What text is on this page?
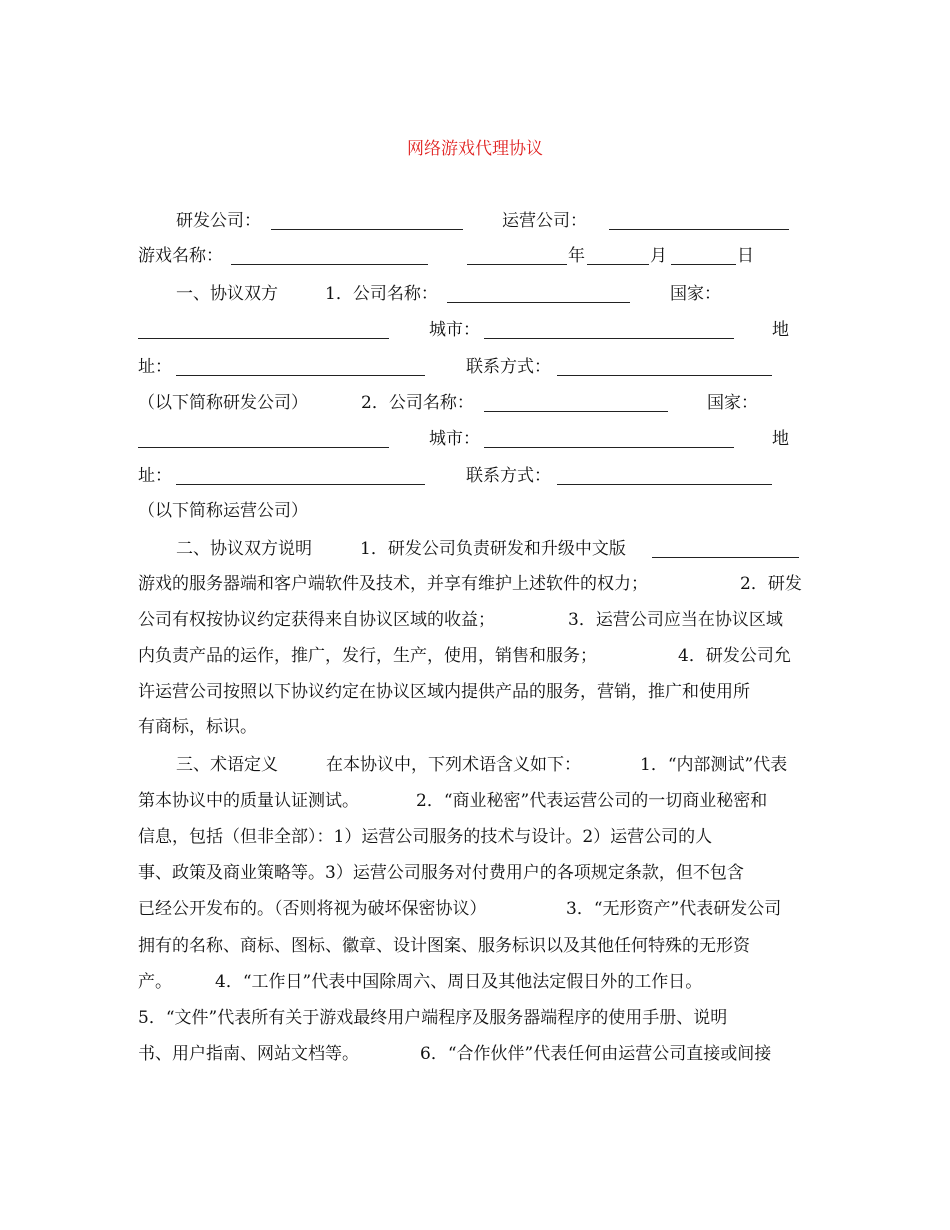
网络游戏代理协议
研发公司：	运营公司：
游戏名称：	年	月	日
一、协议双方	1．公司名称：	国家：
城市：	地
址：	联系方式：
（以下简称研发公司）	2．公司名称：	国家：
城市：	地
址：	联系方式：
（以下简称运营公司）
二、协议双方说明	1．研发公司负责研发和升级中文版
游戏的服务器端和客户端软件及技术，并享有维护上述软件的权力；	2．研发
公司有权按协议约定获得来自协议区域的收益；	3．运营公司应当在协议区域
内负责产品的运作，推广，发行，生产，使用，销售和服务；	4．研发公司允
许运营公司按照以下协议约定在协议区域内提供产品的服务，营销，推广和使用所
有商标，标识。
三、术语定义	在本协议中，下列术语含义如下：	1．“内部测试”代表
第本协议中的质量认证测试。	2．“商业秘密”代表运营公司的一切商业秘密和
信息，包括（但非全部）：1）运营公司服务的技术与设计。2）运营公司的人
事、政策及商业策略等。3）运营公司服务对付费用户的各项规定条款，但不包含
已经公开发布的。（否则将视为破坏保密协议）	3．“无形资产”代表研发公司
拥有的名称、商标、图标、徽章、设计图案、服务标识以及其他任何特殊的无形资
产。	4．“工作日”代表中国除周六、周日及其他法定假日外的工作日。
5．“文件”代表所有关于游戏最终用户端程序及服务器端程序的使用手册、说明
书、用户指南、网站文档等。	6．“合作伙伴”代表任何由运营公司直接或间接
